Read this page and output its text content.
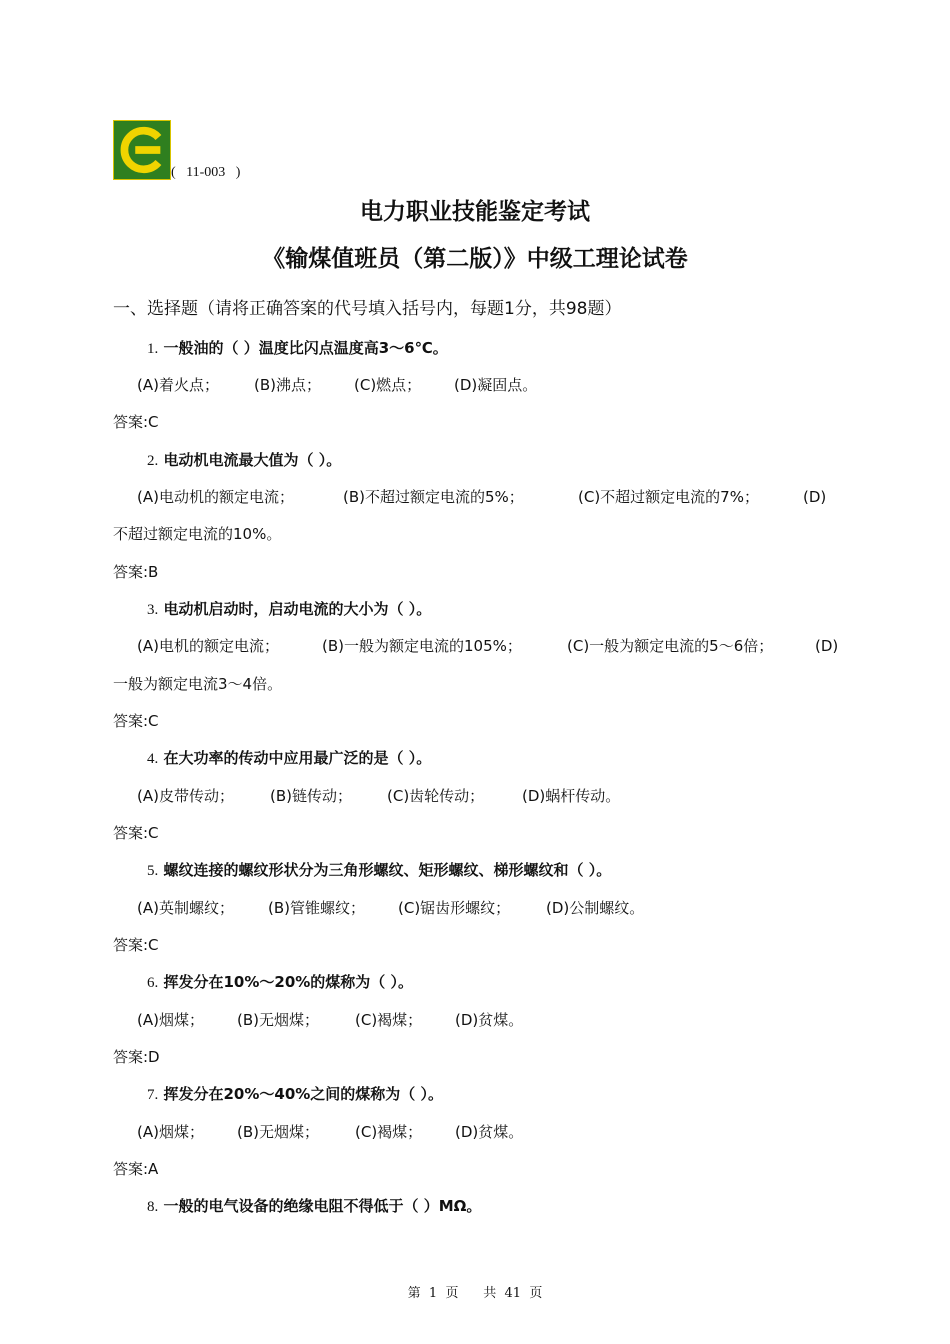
(   11-003   )
电力职业技能鉴定考试
《输煤值班员（第二版）》中级工理论试卷
一、选择题（请将正确答案的代号填入括号内，每题1分，共98题）
1. 一般油的（ ）温度比闪点温度高3～6℃。
(A)着火点； (B)沸点； (C)燃点； (D)凝固点。
答案:C
2. 电动机电流最大值为（ ）。
(A)电动机的额定电流；	(B)不超过额定电流的5%；	(C)不超过额定电流的7%；	(D)
不超过额定电流的10%。
答案:B
3. 电动机启动时，启动电流的大小为（ ）。
(A)电机的额定电流；	(B)一般为额定电流的105%；	(C)一般为额定电流的5～6倍；	(D)
一般为额定电流3～4倍。
答案:C
4. 在大功率的传动中应用最广泛的是（ ）。
(A)皮带传动； (B)链传动； (C)齿轮传动；	(D)蜗杆传动。
答案:C
5. 螺纹连接的螺纹形状分为三角形螺纹、矩形螺纹、梯形螺纹和（ ）。
(A)英制螺纹； (B)管锥螺纹； (C)锯齿形螺纹； (D)公制螺纹。
答案:C
6. 挥发分在10%～20%的煤称为（ ）。
(A)烟煤； (B)无烟煤； (C)褐煤； (D)贫煤。
答案:D
7. 挥发分在20%～40%之间的煤称为（ ）。
(A)烟煤； (B)无烟煤； (C)褐煤； (D)贫煤。
答案:A
8. 一般的电气设备的绝缘电阻不得低于（ ）MΩ。
第  1  页      共  41  页
